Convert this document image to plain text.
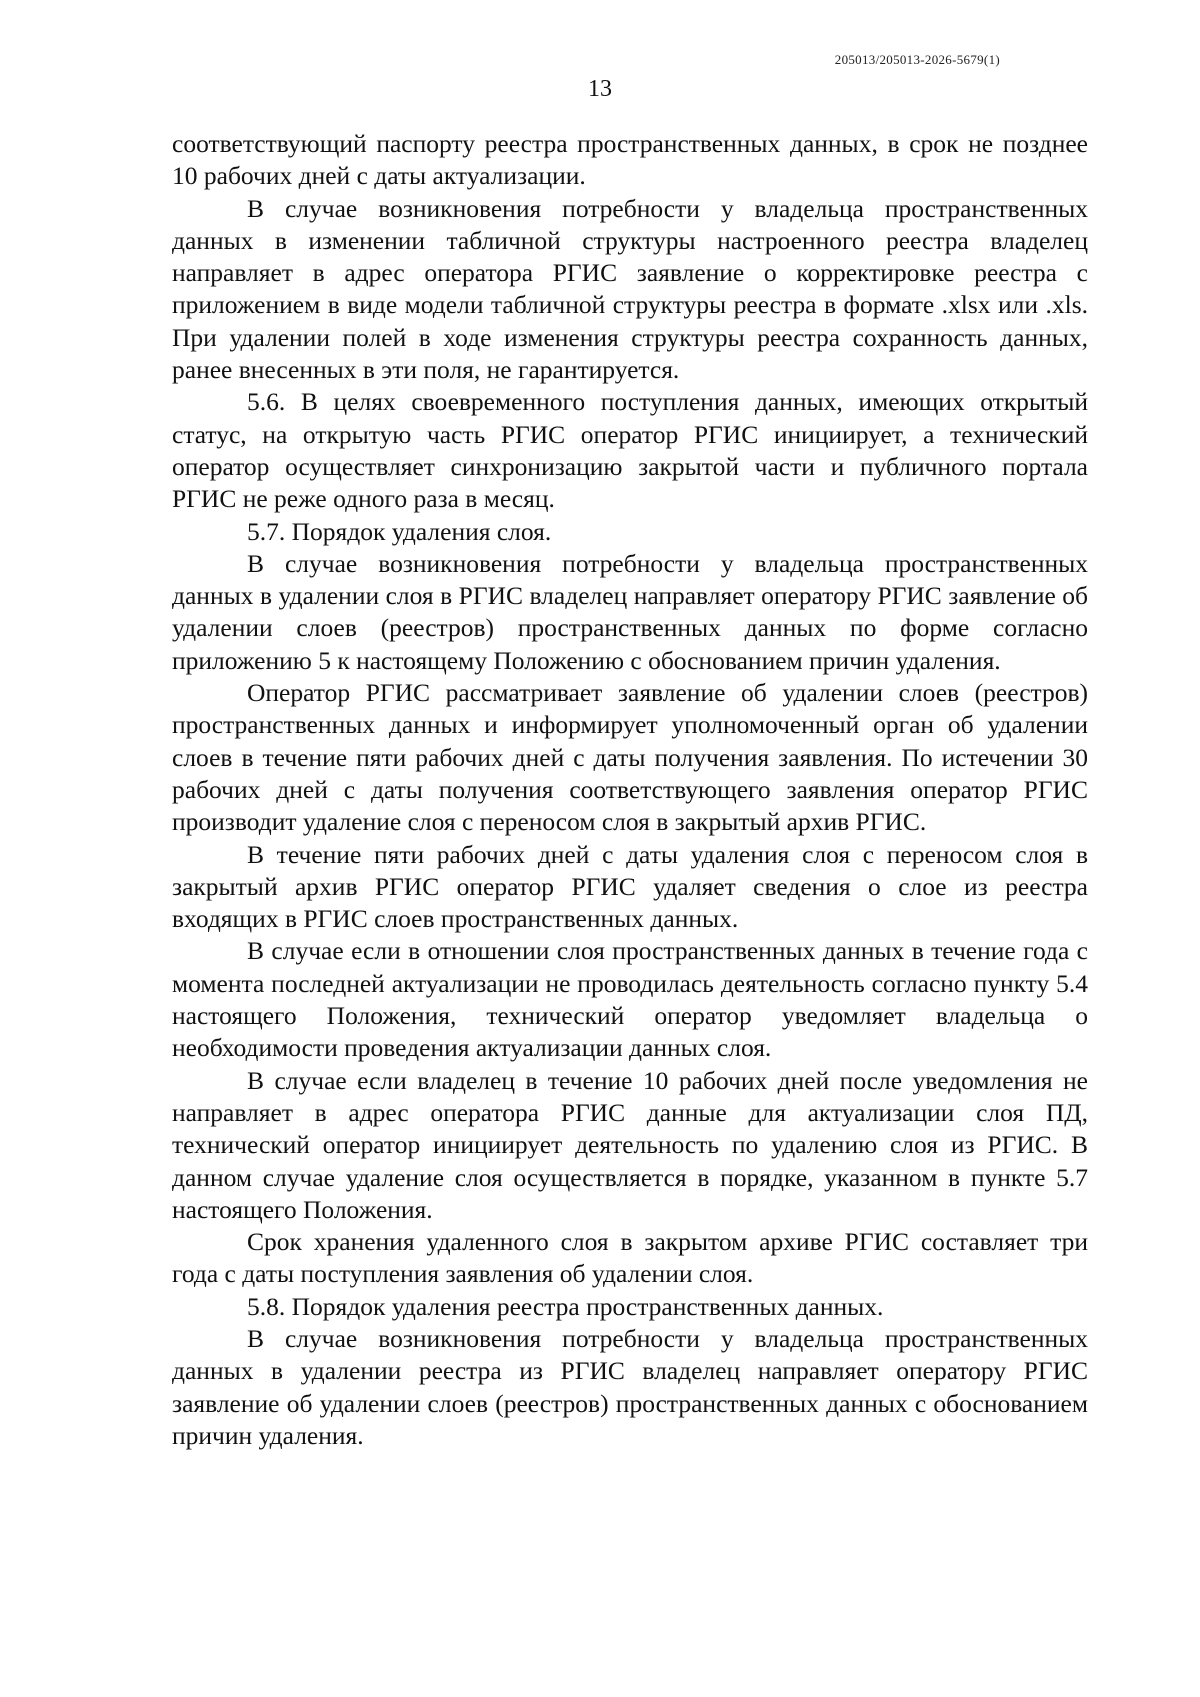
205013/205013-2026-5679(1)
13

соответствующий паспорту реестра пространственных данных, в срок не позднее 10 рабочих дней с даты актуализации.

В случае возникновения потребности у владельца пространственных данных в изменении табличной структуры настроенного реестра владелец направляет в адрес оператора РГИС заявление о корректировке реестра с приложением в виде модели табличной структуры реестра в формате .xlsx или .xls. При удалении полей в ходе изменения структуры реестра сохранность данных, ранее внесенных в эти поля, не гарантируется.

5.6. В целях своевременного поступления данных, имеющих открытый статус, на открытую часть РГИС оператор РГИС инициирует, а технический оператор осуществляет синхронизацию закрытой части и публичного портала РГИС не реже одного раза в месяц.

5.7. Порядок удаления слоя.

В случае возникновения потребности у владельца пространственных данных в удалении слоя в РГИС владелец направляет оператору РГИС заявление об удалении слоев (реестров) пространственных данных по форме согласно приложению 5 к настоящему Положению с обоснованием причин удаления.

Оператор РГИС рассматривает заявление об удалении слоев (реестров) пространственных данных и информирует уполномоченный орган об удалении слоев в течение пяти рабочих дней с даты получения заявления. По истечении 30 рабочих дней с даты получения соответствующего заявления оператор РГИС производит удаление слоя с переносом слоя в закрытый архив РГИС.

В течение пяти рабочих дней с даты удаления слоя с переносом слоя в закрытый архив РГИС оператор РГИС удаляет сведения о слое из реестра входящих в РГИС слоев пространственных данных.

В случае если в отношении слоя пространственных данных в течение года с момента последней актуализации не проводилась деятельность согласно пункту 5.4 настоящего Положения, технический оператор уведомляет владельца о необходимости проведения актуализации данных слоя.

В случае если владелец в течение 10 рабочих дней после уведомления не направляет в адрес оператора РГИС данные для актуализации слоя ПД, технический оператор инициирует деятельность по удалению слоя из РГИС. В данном случае удаление слоя осуществляется в порядке, указанном в пункте 5.7 настоящего Положения.

Срок хранения удаленного слоя в закрытом архиве РГИС составляет три года с даты поступления заявления об удалении слоя.

5.8. Порядок удаления реестра пространственных данных.

В случае возникновения потребности у владельца пространственных данных в удалении реестра из РГИС владелец направляет оператору РГИС заявление об удалении слоев (реестров) пространственных данных с обоснованием причин удаления.
